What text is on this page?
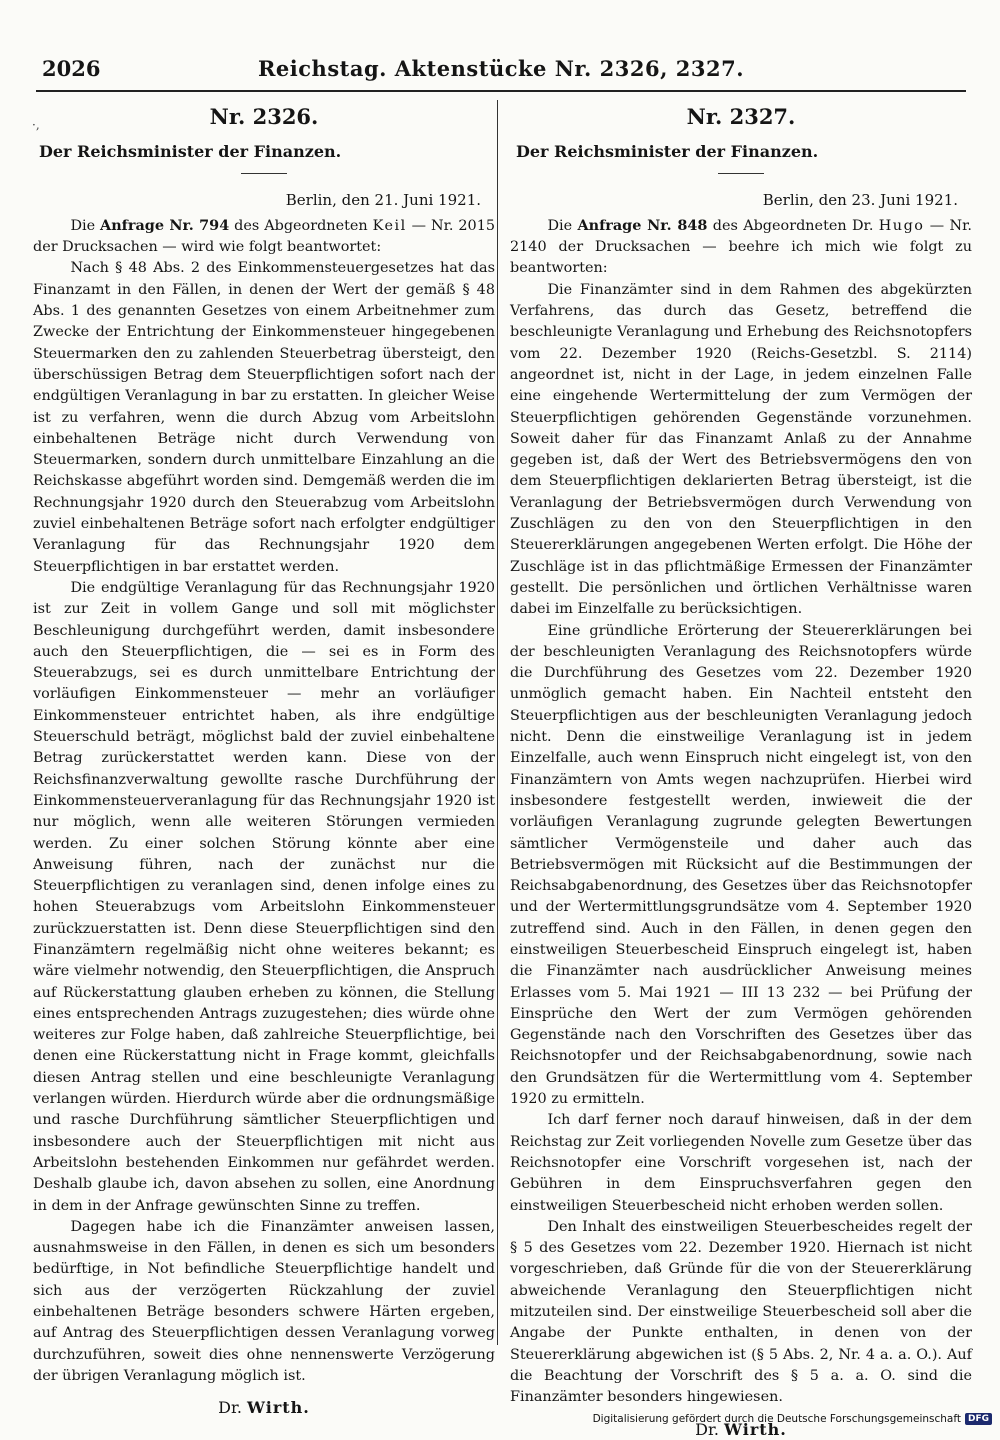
2026	Reichstag. Aktenstücke Nr. 2326, 2327.
·,	Nr. 2326.
Der Reichsminister der Finanzen.
Berlin, den 21. Juni 1921.

Die Anfrage Nr. 794 des Abgeordneten Keil — Nr. 2015 der Drucksachen — wird wie folgt beantwortet:

Nach § 48 Abs. 2 des Einkommensteuergesetzes hat das Finanzamt in den Fällen, in denen der Wert der gemäß § 48 Abs. 1 des genannten Gesetzes von einem Arbeitnehmer zum Zwecke der Entrichtung der Einkommensteuer hingegebenen Steuermarken den zu zahlenden Steuerbetrag übersteigt, den überschüssigen Betrag dem Steuerpflichtigen sofort nach der endgültigen Veranlagung in bar zu erstatten. In gleicher Weise ist zu verfahren, wenn die durch Abzug vom Arbeitslohn einbehaltenen Beträge nicht durch Verwendung von Steuermarken, sondern durch unmittelbare Einzahlung an die Reichskasse abgeführt worden sind. Demgemäß werden die im Rechnungsjahr 1920 durch den Steuerabzug vom Arbeitslohn zuviel einbehaltenen Beträge sofort nach erfolgter endgültiger Veranlagung für das Rechnungsjahr 1920 dem Steuerpflichtigen in bar erstattet werden.

Die endgültige Veranlagung für das Rechnungsjahr 1920 ist zur Zeit in vollem Gange und soll mit möglichster Beschleunigung durchgeführt werden, damit insbesondere auch den Steuerpflichtigen, die — sei es in Form des Steuerabzugs, sei es durch unmittelbare Entrichtung der vorläufigen Einkommensteuer — mehr an vorläufiger Einkommensteuer entrichtet haben, als ihre endgültige Steuerschuld beträgt, möglichst bald der zuviel einbehaltene Betrag zurückerstattet werden kann. Diese von der Reichsfinanzverwaltung gewollte rasche Durchführung der Einkommensteuerveranlagung für das Rechnungsjahr 1920 ist nur möglich, wenn alle weiteren Störungen vermieden werden. Zu einer solchen Störung könnte aber eine Anweisung führen, nach der zunächst nur die Steuerpflichtigen zu veranlagen sind, denen infolge eines zu hohen Steuerabzugs vom Arbeitslohn Einkommensteuer zurückzuerstatten ist. Denn diese Steuerpflichtigen sind den Finanzämtern regelmäßig nicht ohne weiteres bekannt; es wäre vielmehr notwendig, den Steuerpflichtigen, die Anspruch auf Rückerstattung glauben erheben zu können, die Stellung eines entsprechenden Antrags zuzugestehen; dies würde ohne weiteres zur Folge haben, daß zahlreiche Steuerpflichtige, bei denen eine Rückerstattung nicht in Frage kommt, gleichfalls diesen Antrag stellen und eine beschleunigte Veranlagung verlangen würden. Hierdurch würde aber die ordnungsmäßige und rasche Durchführung sämtlicher Steuerpflichtigen und insbesondere auch der Steuerpflichtigen mit nicht aus Arbeitslohn bestehenden Einkommen nur gefährdet werden. Deshalb glaube ich, davon absehen zu sollen, eine Anordnung in dem in der Anfrage gewünschten Sinne zu treffen.

Dagegen habe ich die Finanzämter anweisen lassen, ausnahmsweise in den Fällen, in denen es sich um besonders bedürftige, in Not befindliche Steuerpflichtige handelt und sich aus der verzögerten Rückzahlung der zuviel einbehaltenen Beträge besonders schwere Härten ergeben, auf Antrag des Steuerpflichtigen dessen Veranlagung vorweg durchzuführen, soweit dies ohne nennenswerte Verzögerung der übrigen Veranlagung möglich ist.

Dr. Wirth.
Nr. 2327.
Der Reichsminister der Finanzen.
Berlin, den 23. Juni 1921.

Die Anfrage Nr. 848 des Abgeordneten Dr. Hugo — Nr. 2140 der Drucksachen — beehre ich mich wie folgt zu beantworten:

Die Finanzämter sind in dem Rahmen des abgekürzten Verfahrens, das durch das Gesetz, betreffend die beschleunigte Veranlagung und Erhebung des Reichsnotopfers vom 22. Dezember 1920 (Reichs-Gesetzbl. S. 2114) angeordnet ist, nicht in der Lage, in jedem einzelnen Falle eine eingehende Wertermittelung der zum Vermögen der Steuerpflichtigen gehörenden Gegenstände vorzunehmen. Soweit daher für das Finanzamt Anlaß zu der Annahme gegeben ist, daß der Wert des Betriebsvermögens den von dem Steuerpflichtigen deklarierten Betrag übersteigt, ist die Veranlagung der Betriebsvermögen durch Verwendung von Zuschlägen zu den von den Steuerpflichtigen in den Steuererklärungen angegebenen Werten erfolgt. Die Höhe der Zuschläge ist in das pflichtmäßige Ermessen der Finanzämter gestellt. Die persönlichen und örtlichen Verhältnisse waren dabei im Einzelfalle zu berücksichtigen.

Eine gründliche Erörterung der Steuererklärungen bei der beschleunigten Veranlagung des Reichsnotopfers würde die Durchführung des Gesetzes vom 22. Dezember 1920 unmöglich gemacht haben. Ein Nachteil entsteht den Steuerpflichtigen aus der beschleunigten Veranlagung jedoch nicht. Denn die einstweilige Veranlagung ist in jedem Einzelfalle, auch wenn Einspruch nicht eingelegt ist, von den Finanzämtern von Amts wegen nachzuprüfen. Hierbei wird insbesondere festgestellt werden, inwieweit die der vorläufigen Veranlagung zugrunde gelegten Bewertungen sämtlicher Vermögensteile und daher auch das Betriebsvermögen mit Rücksicht auf die Bestimmungen der Reichsabgabenordnung, des Gesetzes über das Reichsnotopfer und der Wertermittlungsgrundsätze vom 4. September 1920 zutreffend sind. Auch in den Fällen, in denen gegen den einstweiligen Steuerbescheid Einspruch eingelegt ist, haben die Finanzämter nach ausdrücklicher Anweisung meines Erlasses vom 5. Mai 1921 — III 13 232 — bei Prüfung der Einsprüche den Wert der zum Vermögen gehörenden Gegenstände nach den Vorschriften des Gesetzes über das Reichsnotopfer und der Reichsabgabenordnung, sowie nach den Grundsätzen für die Wertermittlung vom 4. September 1920 zu ermitteln.

Ich darf ferner noch darauf hinweisen, daß in der dem Reichstag zur Zeit vorliegenden Novelle zum Gesetze über das Reichsnotopfer eine Vorschrift vorgesehen ist, nach der Gebühren in dem Einspruchsverfahren gegen den einstweiligen Steuerbescheid nicht erhoben werden sollen.

Den Inhalt des einstweiligen Steuerbescheides regelt der § 5 des Gesetzes vom 22. Dezember 1920. Hiernach ist nicht vorgeschrieben, daß Gründe für die von der Steuererklärung abweichende Veranlagung den Steuerpflichtigen nicht mitzuteilen sind. Der einstweilige Steuerbescheid soll aber die Angabe der Punkte enthalten, in denen von der Steuererklärung abgewichen ist (§ 5 Abs. 2, Nr. 4 a. a. O.). Auf die Beachtung der Vorschrift des § 5 a. a. O. sind die Finanzämter besonders hingewiesen.

Dr. Wirth.
Digitalisierung gefördert durch die Deutsche Forschungsgemeinschaft DFG
